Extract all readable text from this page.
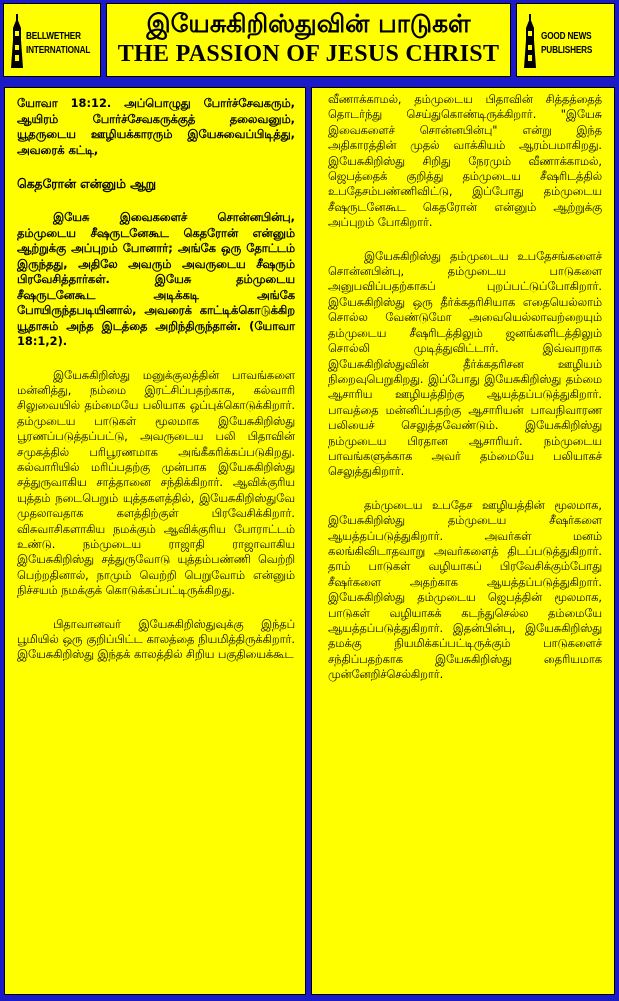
BELLWETHER
INTERNATIONAL
இயேசுகிறிஸ்துவின் பாடுகள்
THE PASSION OF JESUS CHRIST
GOOD NEWS
PUBLISHERS

யோவா 18:12. அப்பொழுது போர்ச்சேவகரும், ஆயிரம் போர்ச்சேவகருக்குத் தலைவனும், யூதருடைய ஊழியக்காரரும் இயேசுவைப்பிடித்து, அவரைக் கட்டி,

கெதரோன் என்னும் ஆறு

இயேசு இவைகளைச் சொன்னபின்பு, தம்முடைய சீஷருடனேகூட கெதரோன் என்னும் ஆற்றுக்கு அப்புறம் போனார்; அங்கே ஒரு தோட்டம் இருந்தது, அதிலே அவரும் அவருடைய சீஷரும் பிரவேசித்தார்கள். இயேசு தம்முடைய சீஷருடனேகூட அடிக்கடி அங்கே போயிருந்தபடியினால், அவரைக் காட்டிக்கொடுக்கிற யூதாசும் அந்த இடத்தை அறிந்திருந்தான். (யோவா 18:1,2).

இயேசுகிறிஸ்து மனுக்குலத்தின் பாவங்களை மன்னித்து, நம்மை இரட்சிப்பதற்காக, கல்வாரி சிலுவையில் தம்மையே பலியாக ஒப்புக்கொடுக்கிறார். தம்முடைய பாடுகள் மூலமாக இயேசுகிறிஸ்து பூரணப்படுத்தப்பட்டு, அவருடைய பலி பிதாவின் சமுகத்தில் பரிபூரணமாக அங்கீகரிக்கப்படுகிறது. கல்வாரியில் மரிப்பதற்கு முன்பாக இயேசுகிறிஸ்து சத்துருவாகிய சாத்தானை சந்திக்கிறார். ஆவிக்குரிய யுத்தம் நடைபெறும் யுத்தகளத்தில், இயேசுகிறிஸ்துவே முதலாவதாக களத்திற்குள் பிரவேசிக்கிறார். விசுவாசிகளாகிய நமக்கும் ஆவிக்குரிய போராட்டம் உண்டு. நம்முடைய ராஜாதி ராஜாவாகிய இயேசுகிறிஸ்து சத்துருவோடு யுத்தம்பண்ணி வெற்றி பெற்றதினால், நாமும் வெற்றி பெறுவோம் என்னும் நிச்சயம் நமக்குக் கொடுக்கப்பட்டிருக்கிறது.

பிதாவானவர் இயேசுகிறிஸ்துவுக்கு இந்தப் பூமியில் ஒரு குறிப்பிட்ட காலத்தை நியமித்திருக்கிறார். இயேசுகிறிஸ்து இந்தக் காலத்தில் சிறிய பகுதியைக்கூட

வீணாக்காமல், தம்முடைய பிதாவின் சித்தத்தைத் தொடர்ந்து செய்துகொண்டிருக்கிறார். "இயேசு இவைகளைச் சொன்னபின்பு" என்று இந்த அதிகாரத்தின் முதல் வாக்கியம் ஆரம்பமாகிறது. இயேசுகிறிஸ்து சிறிது நேரமும் வீணாக்காமல், ஜெபத்தைக் குறித்து தம்முடைய சீஷரிடத்தில் உபதேசம்பண்ணிவிட்டு, இப்போது தம்முடைய சீஷருடனேகூட கெதரோன் என்னும் ஆற்றுக்கு அப்புறம் போகிறார்.

இயேசுகிறிஸ்து தம்முடைய உபதேசங்களைச் சொன்னபின்பு, தம்முடைய பாடுகளை அனுபவிப்பதற்காகப் புறப்பட்டுப்போகிறார். இயேசுகிறிஸ்து ஒரு தீர்க்கதரிசியாக எதையெல்லாம் சொல்ல வேண்டுமோ அவையெல்லாவற்றையும் தம்முடைய சீஷரிடத்திலும் ஜனங்களிடத்திலும் சொல்லி முடித்துவிட்டார். இவ்வாறாக இயேசுகிறிஸ்துவின் தீர்க்கதரிசன ஊழியம் நிறைவுபெறுகிறது. இப்போது இயேசுகிறிஸ்து தம்மை ஆசாரிய ஊழியத்திற்கு ஆயத்தப்படுத்துகிறார். பாவத்தை மன்னிப்பதற்கு ஆசாரியன் பாவநிவாரண பலியைச் செலுத்தவேண்டும். இயேசுகிறிஸ்து நம்முடைய பிரதான ஆசாரியர். நம்முடைய பாவங்களுக்காக அவர் தம்மையே பலியாகச் செலுத்துகிறார்.

தம்முடைய உபதேச ஊழியத்தின் மூலமாக, இயேசுகிறிஸ்து தம்முடைய சீஷர்களை ஆயத்தப்படுத்துகிறார். அவர்கள் மனம் கலங்கிவிடாதவாறு அவர்களைத் திடப்படுத்துகிறார். தாம் பாடுகள் வழியாகப் பிரவேசிக்கும்போது சீஷர்களை அதற்காக ஆயத்தப்படுத்துகிறார். இயேசுகிறிஸ்து தம்முடைய ஜெபத்தின் மூலமாக, பாடுகள் வழியாகக் கடந்துசெல்ல தம்மையே ஆயத்தப்படுத்துகிறார். இதன்பின்பு, இயேசுகிறிஸ்து தமக்கு நியமிக்கப்பட்டிருக்கும் பாடுகளைச் சந்திப்பதற்காக இயேசுகிறிஸ்து தைரியமாக முன்னேறிச்செல்கிறார்.
